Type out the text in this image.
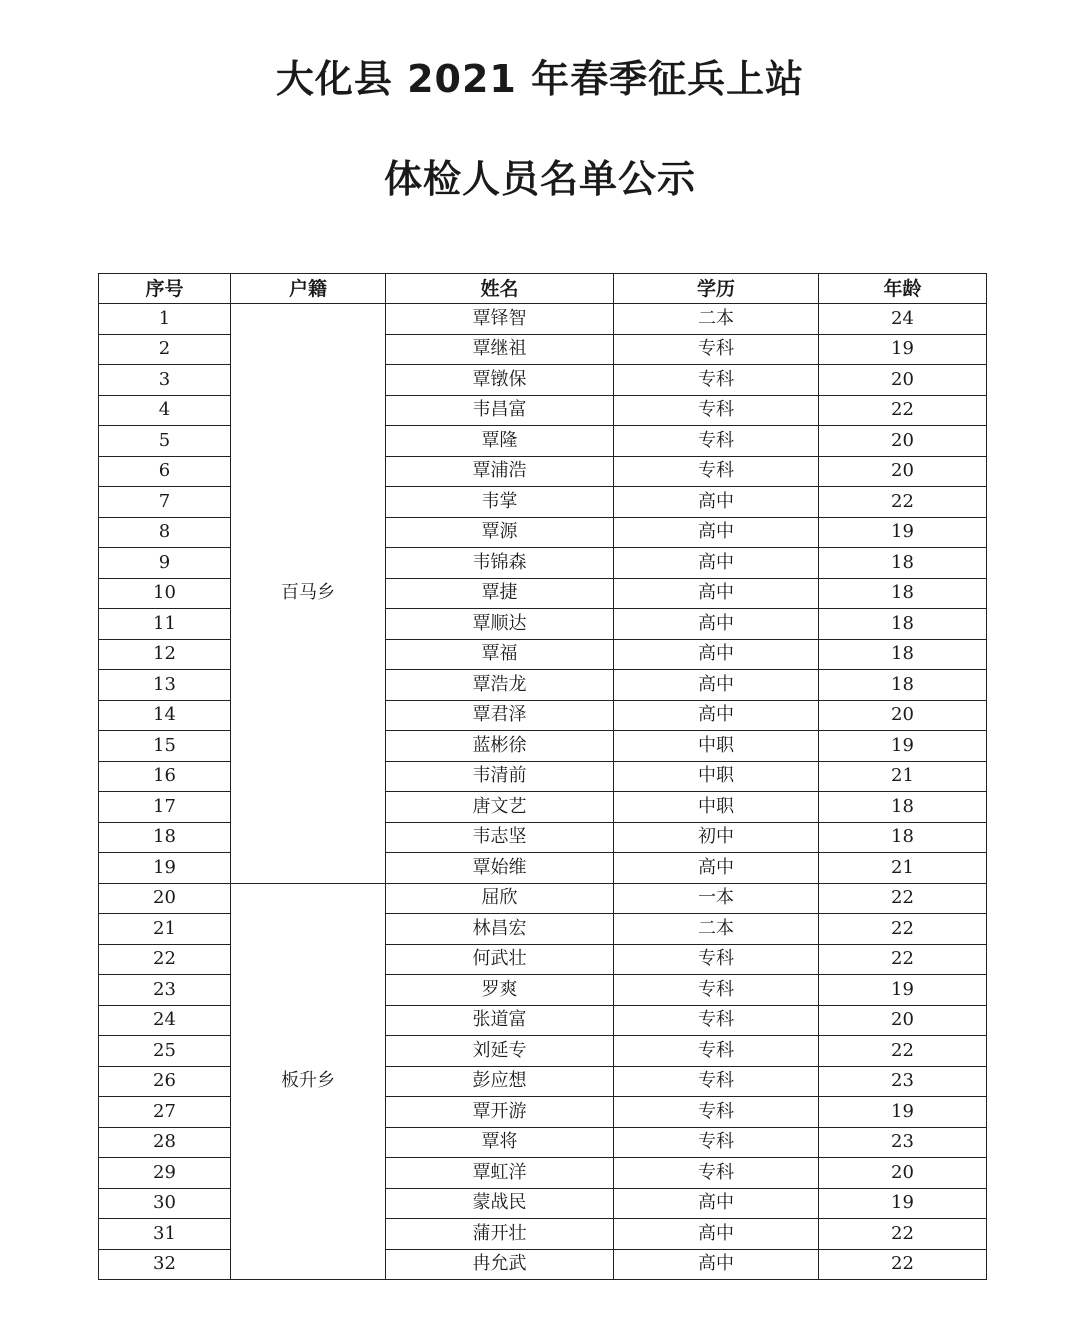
大化县 2021 年春季征兵上站
体检人员名单公示
序号	户籍	姓名	学历	年龄
1	百马乡	覃铎智	二本	24
2		覃继祖	专科	19
3		覃镦保	专科	20
4		韦昌富	专科	22
5		覃隆	专科	20
6		覃浦浩	专科	20
7		韦掌	高中	22
8		覃源	高中	19
9		韦锦森	高中	18
10		覃捷	高中	18
11		覃顺达	高中	18
12		覃福	高中	18
13		覃浩龙	高中	18
14		覃君泽	高中	20
15		蓝彬徐	中职	19
16		韦清前	中职	21
17		唐文艺	中职	18
18		韦志坚	初中	18
19		覃始维	高中	21
20	板升乡	屈欣	一本	22
21		林昌宏	二本	22
22		何武壮	专科	22
23		罗爽	专科	19
24		张道富	专科	20
25		刘延专	专科	22
26		彭应想	专科	23
27		覃开游	专科	19
28		覃将	专科	23
29		覃虹洋	专科	20
30		蒙战民	高中	19
31		蒲开壮	高中	22
32		冉允武	高中	22
